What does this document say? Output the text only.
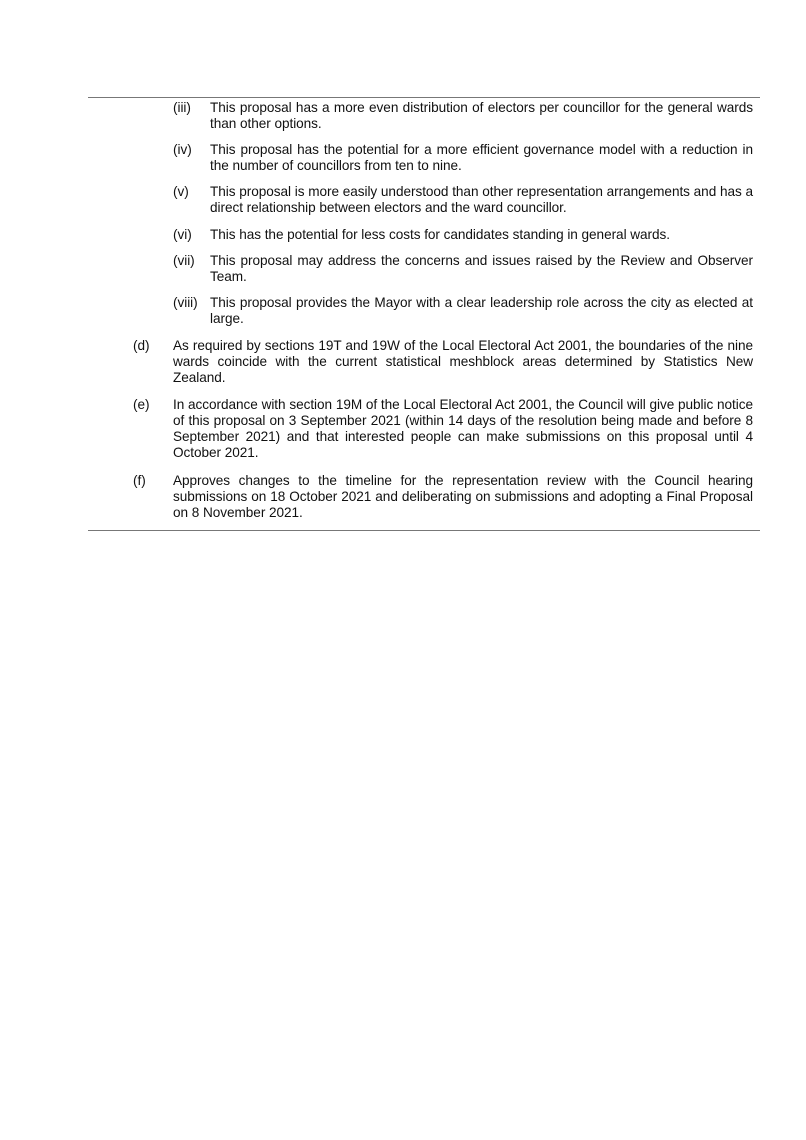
(iii) This proposal has a more even distribution of electors per councillor for the general wards than other options.
(iv) This proposal has the potential for a more efficient governance model with a reduction in the number of councillors from ten to nine.
(v) This proposal is more easily understood than other representation arrangements and has a direct relationship between electors and the ward councillor.
(vi) This has the potential for less costs for candidates standing in general wards.
(vii) This proposal may address the concerns and issues raised by the Review and Observer Team.
(viii) This proposal provides the Mayor with a clear leadership role across the city as elected at large.
(d) As required by sections 19T and 19W of the Local Electoral Act 2001, the boundaries of the nine wards coincide with the current statistical meshblock areas determined by Statistics New Zealand.
(e) In accordance with section 19M of the Local Electoral Act 2001, the Council will give public notice of this proposal on 3 September 2021 (within 14 days of the resolution being made and before 8 September 2021) and that interested people can make submissions on this proposal until 4 October 2021.
(f) Approves changes to the timeline for the representation review with the Council hearing submissions on 18 October 2021 and deliberating on submissions and adopting a Final Proposal on 8 November 2021.
